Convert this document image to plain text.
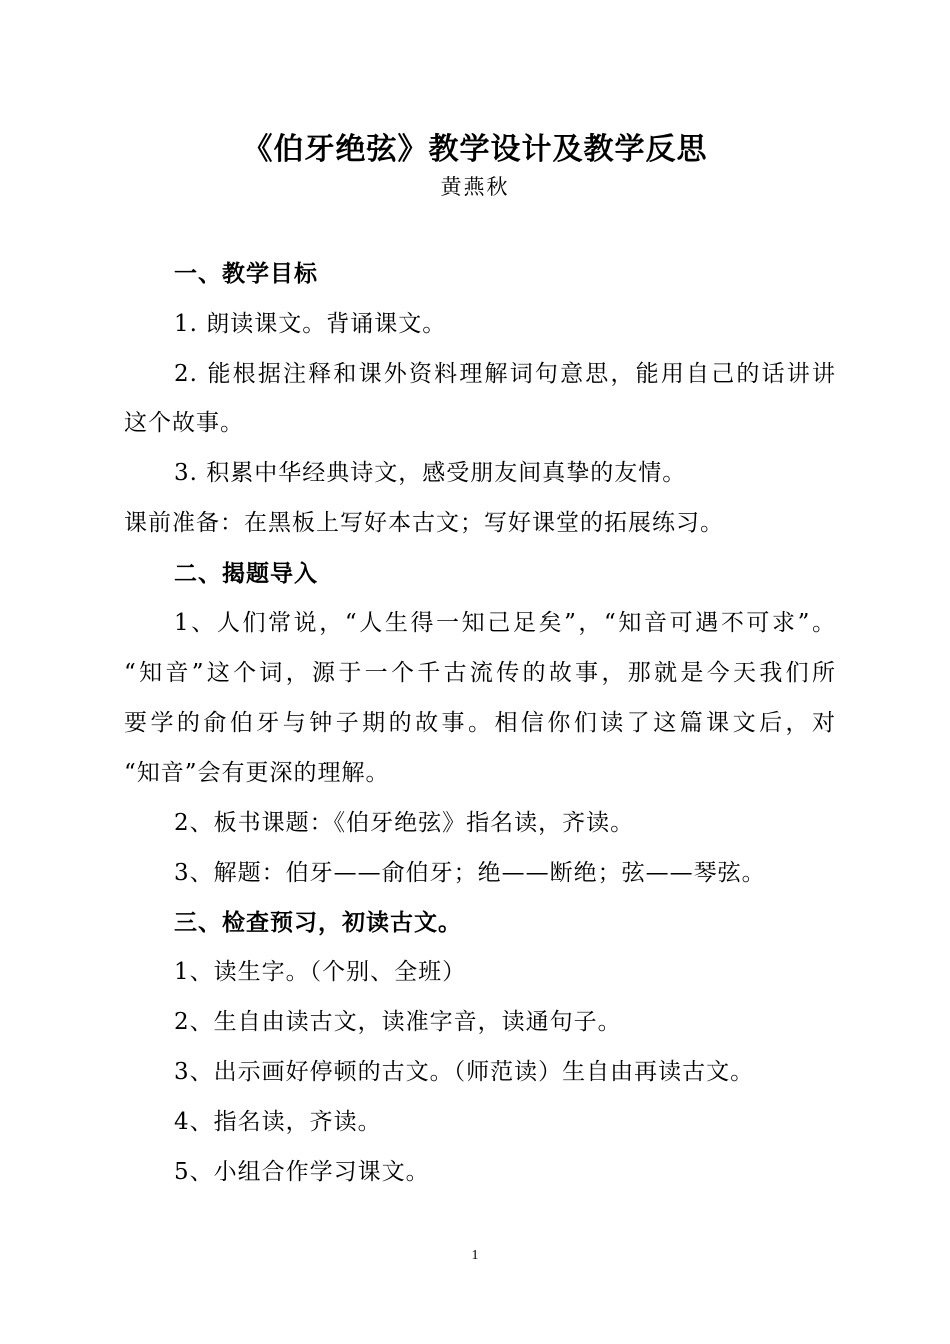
《伯牙绝弦》教学设计及教学反思
黄燕秋
一、教学目标
1. 朗读课文。背诵课文。
2. 能根据注释和课外资料理解词句意思，能用自己的话讲讲
这个故事。
3. 积累中华经典诗文，感受朋友间真挚的友情。
课前准备：在黑板上写好本古文；写好课堂的拓展练习。
二、揭题导入
1、人们常说，“人生得一知己足矣”，“知音可遇不可求”。
“知音”这个词，源于一个千古流传的故事，那就是今天我们所
要学的俞伯牙与钟子期的故事。相信你们读了这篇课文后，对
“知音”会有更深的理解。
2、板书课题：《伯牙绝弦》指名读，齐读。
3、解题：伯牙——俞伯牙；绝——断绝；弦——琴弦。
三、检查预习，初读古文。
1、读生字。（个别、全班）
2、生自由读古文，读准字音，读通句子。
3、出示画好停顿的古文。（师范读）生自由再读古文。
4、指名读，齐读。
5、小组合作学习课文。
1
